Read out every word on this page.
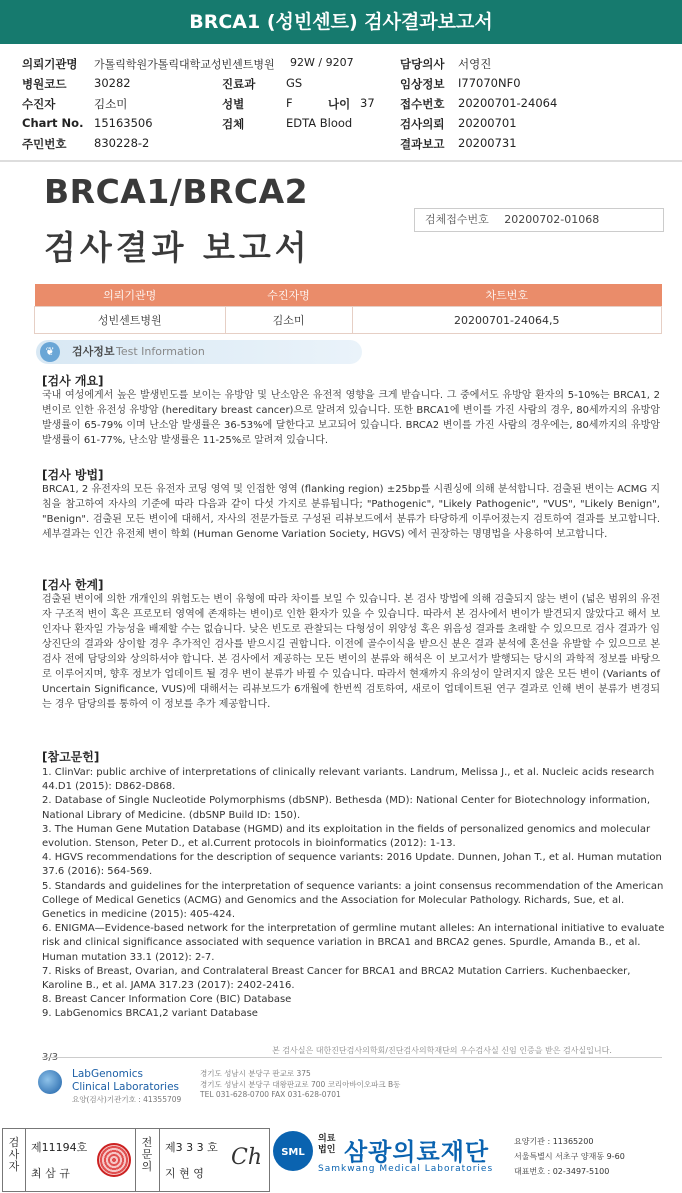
BRCA1 (성빈센트) 검사결과보고서
의뢰기관명 가톨릭학원가톨릭대학교성빈센트병원 92W / 9207	담당의사 서영진
병원코드 30282	진료과	GS	임상정보 I77070NF0
수진자	김소미	성별	F	나이 37 접수번호 20200701-24064
Chart No. 15163506	검체	EDTA Blood	검사의뢰 20200701
주민번호 830228-2	결과보고 20200731
BRCA1/BRCA2
검사결과 보고서
검체접수번호 20200702-01068
의뢰기관명	수진자명	차트번호
성빈센트병원	김소미	20200701-24064,5
❦	검사정보 Test Information
[검사 개요]
국내 여성에게서 높은 발생빈도를 보이는 유방암 및 난소암은 유전적 영향을 크게 받습니다. 그 중에서도 유방암 환자의 5-10%는 BRCA1, 2 변이로 인한 유전성 유방암 (hereditary breast cancer)으로 알려져 있습니다. 또한 BRCA1에 변이를 가진 사람의 경우, 80세까지의 유방암 발생률이 65-79% 이며 난소암 발생률은 36-53%에 달한다고 보고되어 있습니다. BRCA2 변이를 가진 사람의 경우에는, 80세까지의 유방암 발생률이 61-77%, 난소암 발생률은 11-25%로 알려져 있습니다.
[검사 방법]
BRCA1, 2 유전자의 모든 유전자 코딩 영역 및 인접한 영역 (flanking region) ±25bp를 시퀀싱에 의해 분석합니다. 검출된 변이는 ACMG 지침을 참고하여 자사의 기준에 따라 다음과 같이 다섯 가지로 분류됩니다; "Pathogenic", "Likely Pathogenic", "VUS", "Likely Benign", "Benign". 검출된 모든 변이에 대해서, 자사의 전문가들로 구성된 리뷰보드에서 분류가 타당하게 이루어졌는지 검토하여 결과를 보고합니다. 세부결과는 인간 유전체 변이 학회 (Human Genome Variation Society, HGVS) 에서 권장하는 명명법을 사용하여 보고합니다.
[검사 한계]
검출된 변이에 의한 개개인의 위험도는 변이 유형에 따라 차이를 보일 수 있습니다. 본 검사 방법에 의해 검출되지 않는 변이 (넓은 범위의 유전자 구조적 변이 혹은 프로모터 영역에 존재하는 변이)로 인한 환자가 있을 수 있습니다. 따라서 본 검사에서 변이가 발견되지 않았다고 해서 보인자나 환자일 가능성을 배제할 수는 없습니다. 낮은 빈도로 관찰되는 다형성이 위양성 혹은 위음성 결과를 초래할 수 있으므로 검사 결과가 임상진단의 결과와 상이할 경우 추가적인 검사를 받으시길 권합니다. 이전에 골수이식을 받으신 분은 결과 분석에 혼선을 유발할 수 있으므로 본 검사 전에 담당의와 상의하셔야 합니다. 본 검사에서 제공하는 모든 변이의 분류와 해석은 이 보고서가 발행되는 당시의 과학적 정보를 바탕으로 이루어지며, 향후 정보가 업데이트 될 경우 변이 분류가 바뀔 수 있습니다. 따라서 현재까지 유의성이 알려지지 않은 모든 변이 (Variants of Uncertain Significance, VUS)에 대해서는 리뷰보드가 6개월에 한번씩 검토하여, 새로이 업데이트된 연구 결과로 인해 변이 분류가 변경되는 경우 담당의를 통하여 이 정보를 추가 제공합니다.
[참고문헌]
1. ClinVar: public archive of interpretations of clinically relevant variants. Landrum, Melissa J., et al. Nucleic acids research 44.D1 (2015): D862-D868.
2. Database of Single Nucleotide Polymorphisms (dbSNP). Bethesda (MD): National Center for Biotechnology information, National Library of Medicine. (dbSNP Build ID: 150).
3. The Human Gene Mutation Database (HGMD) and its exploitation in the fields of personalized genomics and molecular evolution. Stenson, Peter D., et al.Current protocols in bioinformatics (2012): 1-13.
4. HGVS recommendations for the description of sequence variants: 2016 Update. Dunnen, Johan T., et al. Human mutation 37.6 (2016): 564-569.
5. Standards and guidelines for the interpretation of sequence variants: a joint consensus recommendation of the American College of Medical Genetics (ACMG) and Genomics and the Association for Molecular Pathology. Richards, Sue, et al. Genetics in medicine (2015): 405-424.
6. ENIGMA—Evidence-based network for the interpretation of germline mutant alleles: An international initiative to evaluate risk and clinical significance associated with sequence variation in BRCA1 and BRCA2 genes. Spurdle, Amanda B., et al. Human mutation 33.1 (2012): 2-7.
7. Risks of Breast, Ovarian, and Contralateral Breast Cancer for BRCA1 and BRCA2 Mutation Carriers. Kuchenbaecker, Karoline B., et al. JAMA 317.23 (2017): 2402-2416.
8. Breast Cancer Information Core (BIC) Database
9. LabGenomics BRCA1,2 variant Database
본 검사실은 대한진단검사의학회/진단검사의학재단의 우수검사실 신임 인증을 받은 검사실입니다.
LabGenomics
Clinical Laboratories
요양(검사)기관기호 : 41355709
경기도 성남시 분당구 판교로 375
경기도 성남시 분당구 대왕판교로 700 코리아바이오파크 B동
TEL 031-628-0700 FAX 031-628-0701
검사자
제11194호
최 삼 규
전문의
제3 3 3 호
지 현 영
Ch SML
의료
법인 삼광의료재단
Samkwang Medical Laboratories
요양기관 : 11365200
서울특별시 서초구 양재동 9-60
대표번호 : 02-3497-5100
